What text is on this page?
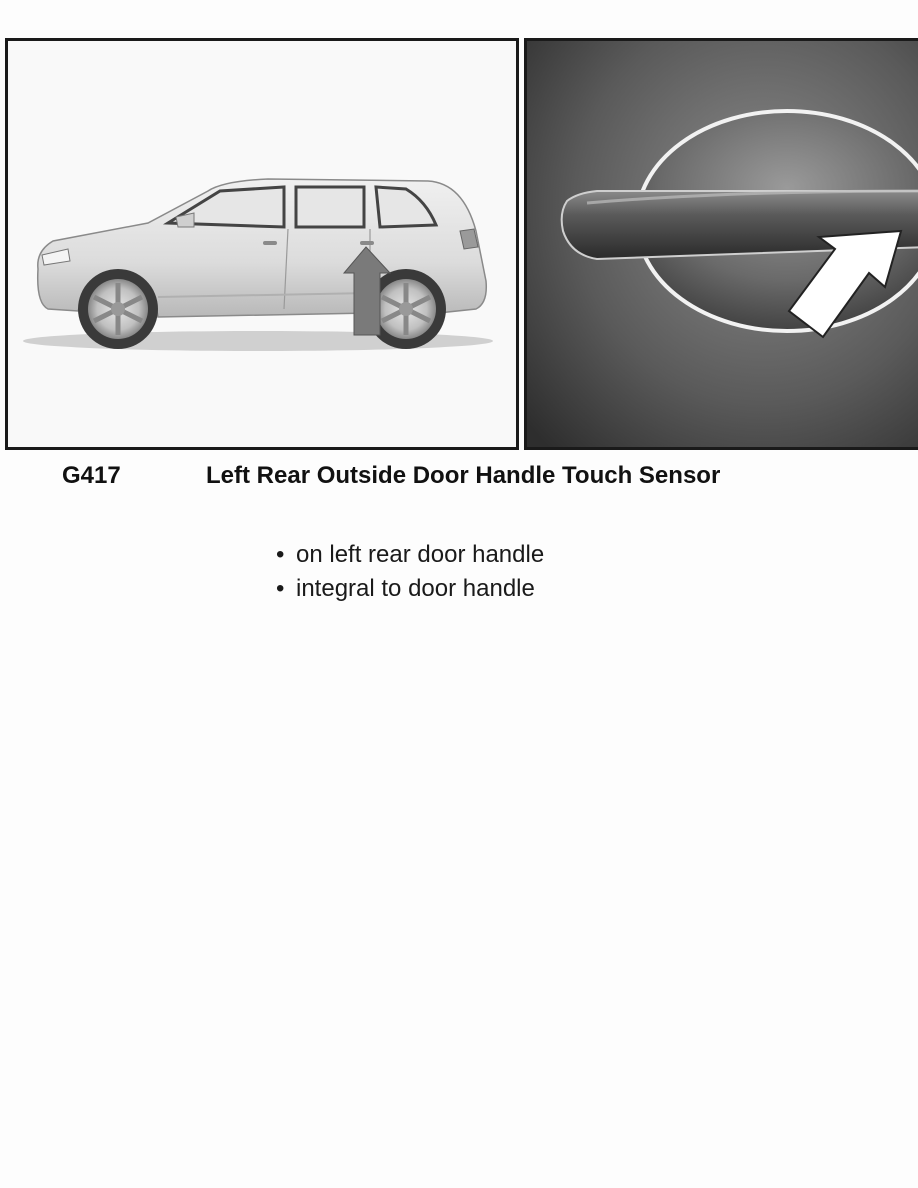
G417	Left Rear Outside Door Handle Touch Sensor
• on left rear door handle
• integral to door handle
